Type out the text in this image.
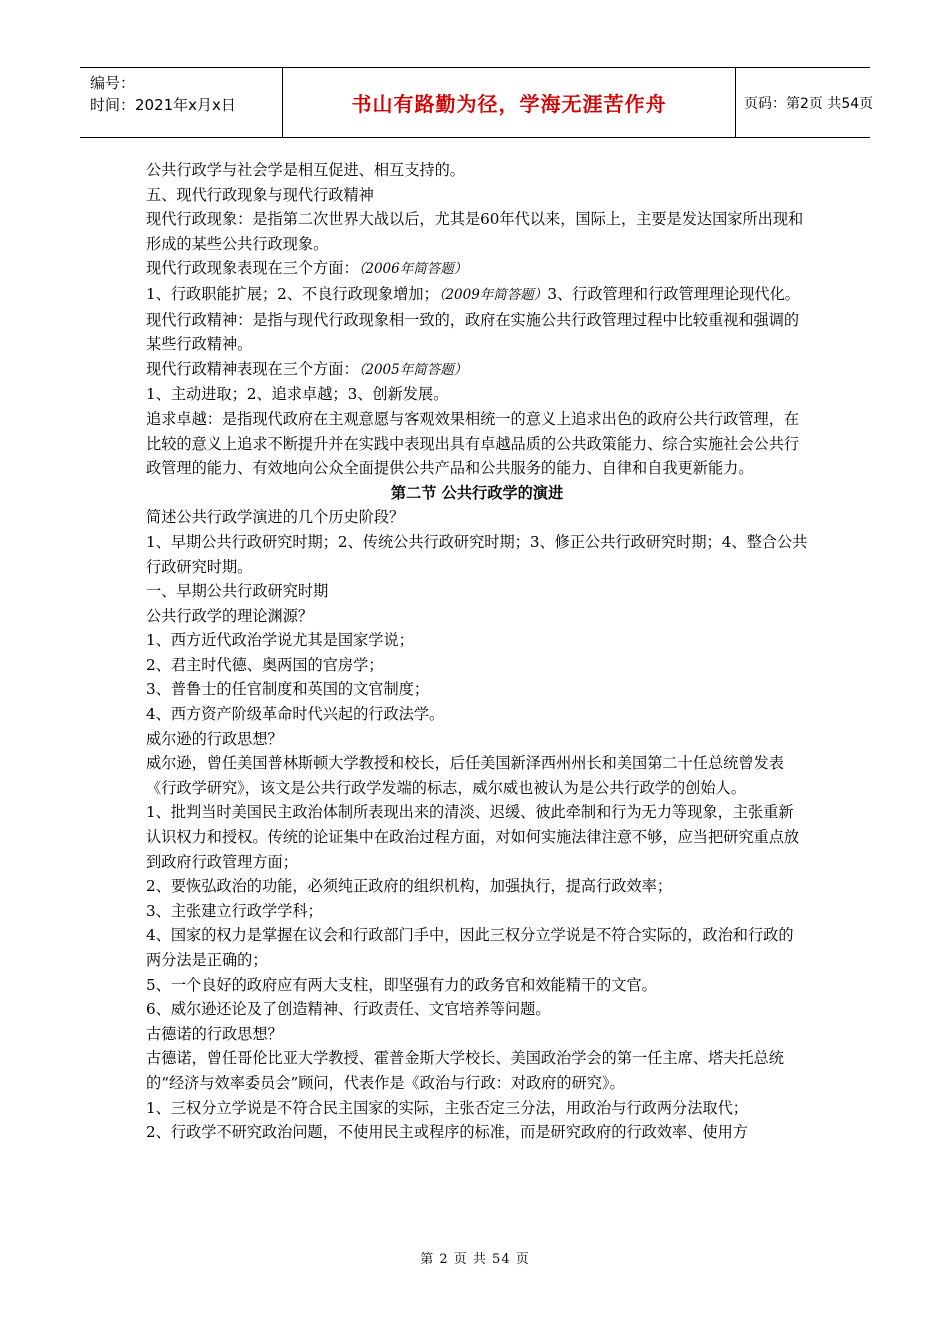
编号：
时间：2021年x月x日	书山有路勤为径，学海无涯苦作舟	页码：第2页 共54页

公共行政学与社会学是相互促进、相互支持的。

五、现代行政现象与现代行政精神

现代行政现象：是指第二次世界大战以后，尤其是60年代以来，国际上，主要是发达国家所出现和形成的某些公共行政现象。

现代行政现象表现在三个方面：（2006年简答题）

1、行政职能扩展；2、不良行政现象增加；（2009年简答题）3、行政管理和行政管理理论现代化。

现代行政精神：是指与现代行政现象相一致的，政府在实施公共行政管理过程中比较重视和强调的某些行政精神。

现代行政精神表现在三个方面：（2005年简答题）

1、主动进取；2、追求卓越；3、创新发展。

追求卓越：是指现代政府在主观意愿与客观效果相统一的意义上追求出色的政府公共行政管理，在比较的意义上追求不断提升并在实践中表现出具有卓越品质的公共政策能力、综合实施社会公共行政管理的能力、有效地向公众全面提供公共产品和公共服务的能力、自律和自我更新能力。

第二节 公共行政学的演进

简述公共行政学演进的几个历史阶段？

1、早期公共行政研究时期；2、传统公共行政研究时期；3、修正公共行政研究时期；4、整合公共行政研究时期。

一、早期公共行政研究时期

公共行政学的理论渊源？

1、西方近代政治学说尤其是国家学说；

2、君主时代德、奥两国的官房学；

3、普鲁士的任官制度和英国的文官制度；

4、西方资产阶级革命时代兴起的行政法学。

威尔逊的行政思想？

威尔逊，曾任美国普林斯顿大学教授和校长，后任美国新泽西州州长和美国第二十任总统曾发表《行政学研究》，该文是公共行政学发端的标志，威尔威也被认为是公共行政学的创始人。

1、批判当时美国民主政治体制所表现出来的清淡、迟缓、彼此牵制和行为无力等现象，主张重新认识权力和授权。传统的论证集中在政治过程方面，对如何实施法律注意不够，应当把研究重点放到政府行政管理方面；

2、要恢弘政治的功能，必须纯正政府的组织机构，加强执行，提高行政效率；

3、主张建立行政学学科；

4、国家的权力是掌握在议会和行政部门手中，因此三权分立学说是不符合实际的，政治和行政的两分法是正确的；

5、一个良好的政府应有两大支柱，即坚强有力的政务官和效能精干的文官。

6、威尔逊还论及了创造精神、行政责任、文官培养等问题。

古德诺的行政思想？

古德诺，曾任哥伦比亚大学教授、霍普金斯大学校长、美国政治学会的第一任主席、塔夫托总统的“经济与效率委员会”顾问，代表作是《政治与行政：对政府的研究》。

1、三权分立学说是不符合民主国家的实际，主张否定三分法，用政治与行政两分法取代；

2、行政学不研究政治问题，不使用民主或程序的标准，而是研究政府的行政效率、使用方

第 2 页 共 54 页
